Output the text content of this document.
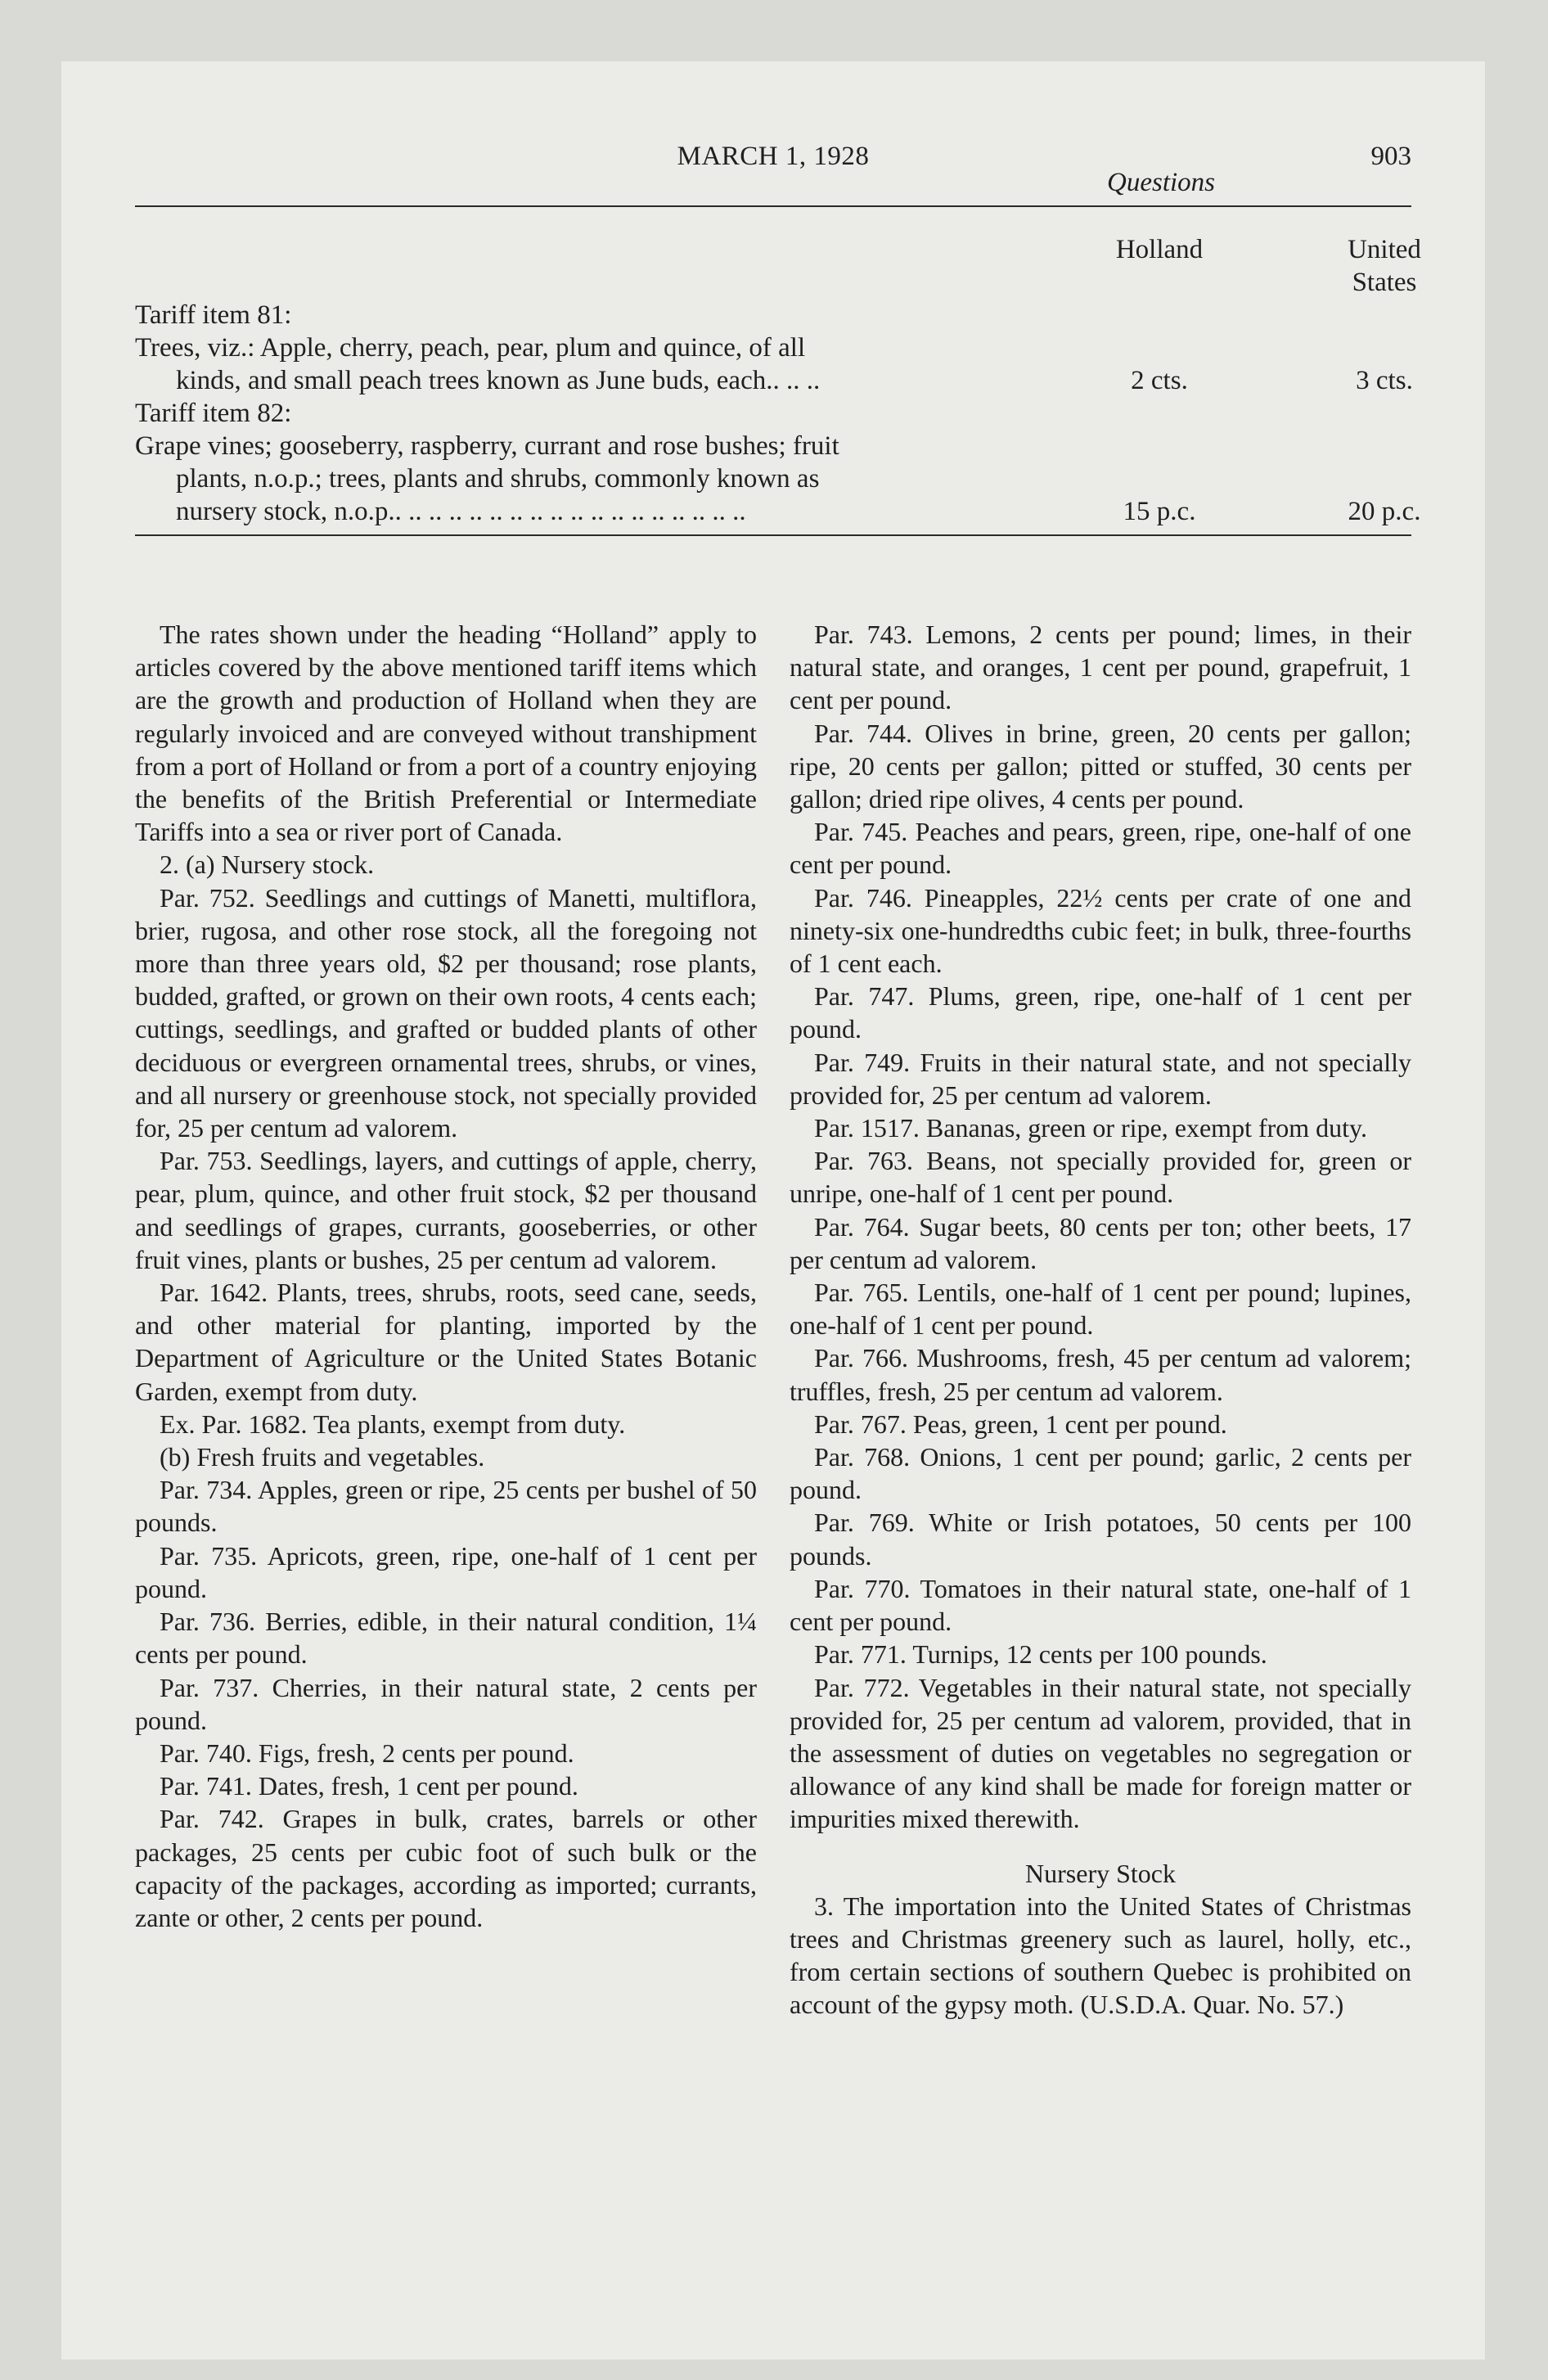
MARCH 1, 1928
Questions
903
Holland	United States
Tariff item 81:
Trees, viz.: Apple, cherry, peach, pear, plum and quince, of all
kinds, and small peach trees known as June buds, each.. .. ..	2 cts.	3 cts.
Tariff item 82:
Grape vines; gooseberry, raspberry, currant and rose bushes; fruit
plants, n.o.p.; trees, plants and shrubs, commonly known as
nursery stock, n.o.p.. .. .. .. .. .. .. .. .. .. .. .. .. .. .. .. .. ..	15 p.c.	20 p.c.

The rates shown under the heading “Holland” apply to articles covered by the above mentioned tariff items which are the growth and production of Holland when they are regularly invoiced and are conveyed without transhipment from a port of Holland or from a port of a country enjoying the benefits of the British Preferential or Intermediate Tariffs into a sea or river port of Canada.

2. (a) Nursery stock.

Par. 752. Seedlings and cuttings of Manetti, multiflora, brier, rugosa, and other rose stock, all the foregoing not more than three years old, $2 per thousand; rose plants, budded, grafted, or grown on their own roots, 4 cents each; cuttings, seedlings, and grafted or budded plants of other deciduous or evergreen ornamental trees, shrubs, or vines, and all nursery or greenhouse stock, not specially provided for, 25 per centum ad valorem.

Par. 753. Seedlings, layers, and cuttings of apple, cherry, pear, plum, quince, and other fruit stock, $2 per thousand and seedlings of grapes, currants, gooseberries, or other fruit vines, plants or bushes, 25 per centum ad valorem.

Par. 1642. Plants, trees, shrubs, roots, seed cane, seeds, and other material for planting, imported by the Department of Agriculture or the United States Botanic Garden, exempt from duty.

Ex. Par. 1682. Tea plants, exempt from duty.

(b) Fresh fruits and vegetables.

Par. 734. Apples, green or ripe, 25 cents per bushel of 50 pounds.

Par. 735. Apricots, green, ripe, one-half of 1 cent per pound.

Par. 736. Berries, edible, in their natural condition, 1¼ cents per pound.

Par. 737. Cherries, in their natural state, 2 cents per pound.

Par. 740. Figs, fresh, 2 cents per pound.

Par. 741. Dates, fresh, 1 cent per pound.

Par. 742. Grapes in bulk, crates, barrels or other packages, 25 cents per cubic foot of such bulk or the capacity of the packages, according as imported; currants, zante or other, 2 cents per pound.

Par. 743. Lemons, 2 cents per pound; limes, in their natural state, and oranges, 1 cent per pound, grapefruit, 1 cent per pound.

Par. 744. Olives in brine, green, 20 cents per gallon; ripe, 20 cents per gallon; pitted or stuffed, 30 cents per gallon; dried ripe olives, 4 cents per pound.

Par. 745. Peaches and pears, green, ripe, one-half of one cent per pound.

Par. 746. Pineapples, 22½ cents per crate of one and ninety-six one-hundredths cubic feet; in bulk, three-fourths of 1 cent each.

Par. 747. Plums, green, ripe, one-half of 1 cent per pound.

Par. 749. Fruits in their natural state, and not specially provided for, 25 per centum ad valorem.

Par. 1517. Bananas, green or ripe, exempt from duty.

Par. 763. Beans, not specially provided for, green or unripe, one-half of 1 cent per pound.

Par. 764. Sugar beets, 80 cents per ton; other beets, 17 per centum ad valorem.

Par. 765. Lentils, one-half of 1 cent per pound; lupines, one-half of 1 cent per pound.

Par. 766. Mushrooms, fresh, 45 per centum ad valorem; truffles, fresh, 25 per centum ad valorem.

Par. 767. Peas, green, 1 cent per pound.

Par. 768. Onions, 1 cent per pound; garlic, 2 cents per pound.

Par. 769. White or Irish potatoes, 50 cents per 100 pounds.

Par. 770. Tomatoes in their natural state, one-half of 1 cent per pound.

Par. 771. Turnips, 12 cents per 100 pounds.

Par. 772. Vegetables in their natural state, not specially provided for, 25 per centum ad valorem, provided, that in the assessment of duties on vegetables no segregation or allowance of any kind shall be made for foreign matter or impurities mixed therewith.

Nursery Stock

3. The importation into the United States of Christmas trees and Christmas greenery such as laurel, holly, etc., from certain sections of southern Quebec is prohibited on account of the gypsy moth. (U.S.D.A. Quar. No. 57.)
